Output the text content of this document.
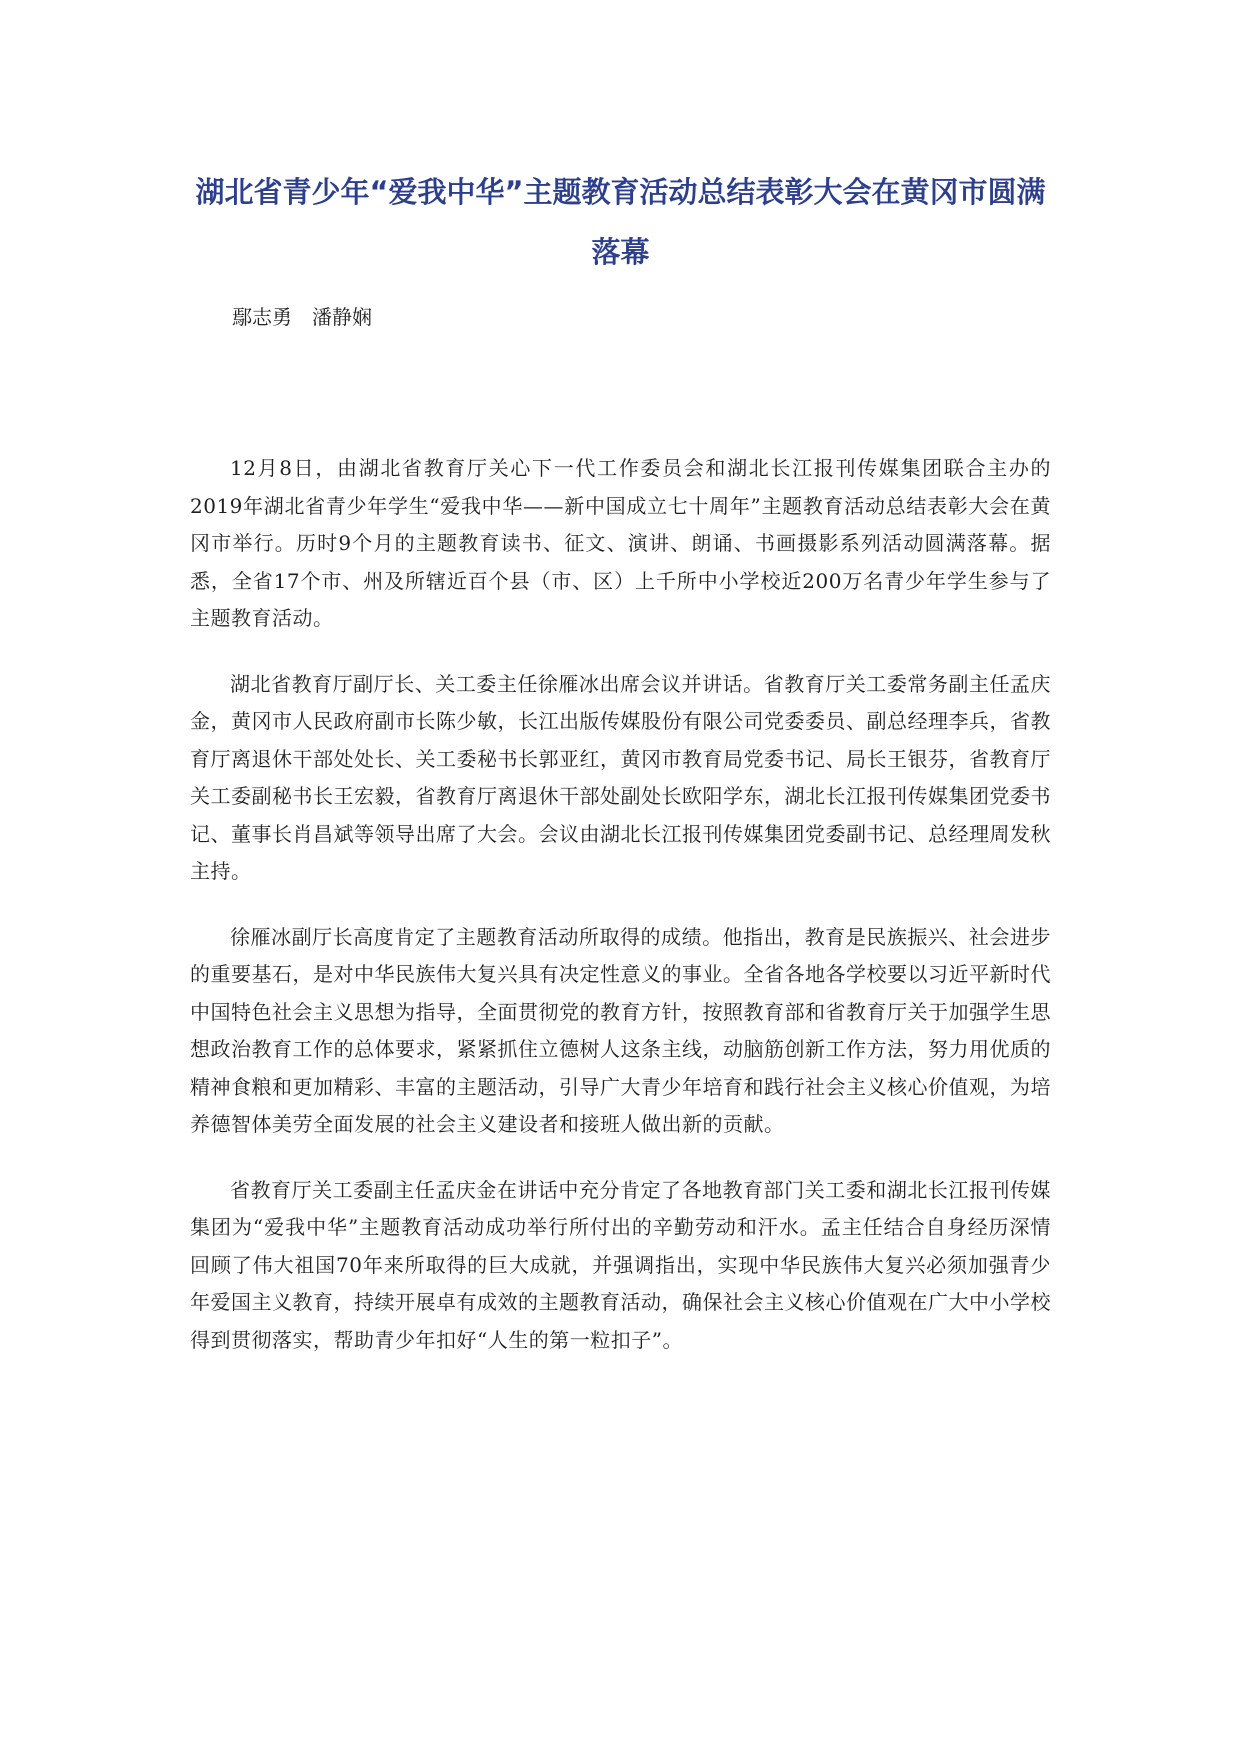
湖北省青少年“爱我中华”主题教育活动总结表彰大会在黄冈市圆满落幕

鄢志勇　潘静娴

12月8日，由湖北省教育厅关心下一代工作委员会和湖北长江报刊传媒集团联合主办的2019年湖北省青少年学生“爱我中华——新中国成立七十周年”主题教育活动总结表彰大会在黄冈市举行。历时9个月的主题教育读书、征文、演讲、朗诵、书画摄影系列活动圆满落幕。据悉，全省17个市、州及所辖近百个县（市、区）上千所中小学校近200万名青少年学生参与了主题教育活动。

湖北省教育厅副厅长、关工委主任徐雁冰出席会议并讲话。省教育厅关工委常务副主任孟庆金，黄冈市人民政府副市长陈少敏，长江出版传媒股份有限公司党委委员、副总经理李兵，省教育厅离退休干部处处长、关工委秘书长郭亚红，黄冈市教育局党委书记、局长王银芬，省教育厅关工委副秘书长王宏毅，省教育厅离退休干部处副处长欧阳学东，湖北长江报刊传媒集团党委书记、董事长肖昌斌等领导出席了大会。会议由湖北长江报刊传媒集团党委副书记、总经理周发秋主持。

徐雁冰副厅长高度肯定了主题教育活动所取得的成绩。他指出，教育是民族振兴、社会进步的重要基石，是对中华民族伟大复兴具有决定性意义的事业。全省各地各学校要以习近平新时代中国特色社会主义思想为指导，全面贯彻党的教育方针，按照教育部和省教育厅关于加强学生思想政治教育工作的总体要求，紧紧抓住立德树人这条主线，动脑筋创新工作方法，努力用优质的精神食粮和更加精彩、丰富的主题活动，引导广大青少年培育和践行社会主义核心价值观，为培养德智体美劳全面发展的社会主义建设者和接班人做出新的贡献。

省教育厅关工委副主任孟庆金在讲话中充分肯定了各地教育部门关工委和湖北长江报刊传媒集团为“爱我中华”主题教育活动成功举行所付出的辛勤劳动和汗水。孟主任结合自身经历深情回顾了伟大祖国70年来所取得的巨大成就，并强调指出，实现中华民族伟大复兴必须加强青少年爱国主义教育，持续开展卓有成效的主题教育活动，确保社会主义核心价值观在广大中小学校得到贯彻落实，帮助青少年扣好“人生的第一粒扣子”。
